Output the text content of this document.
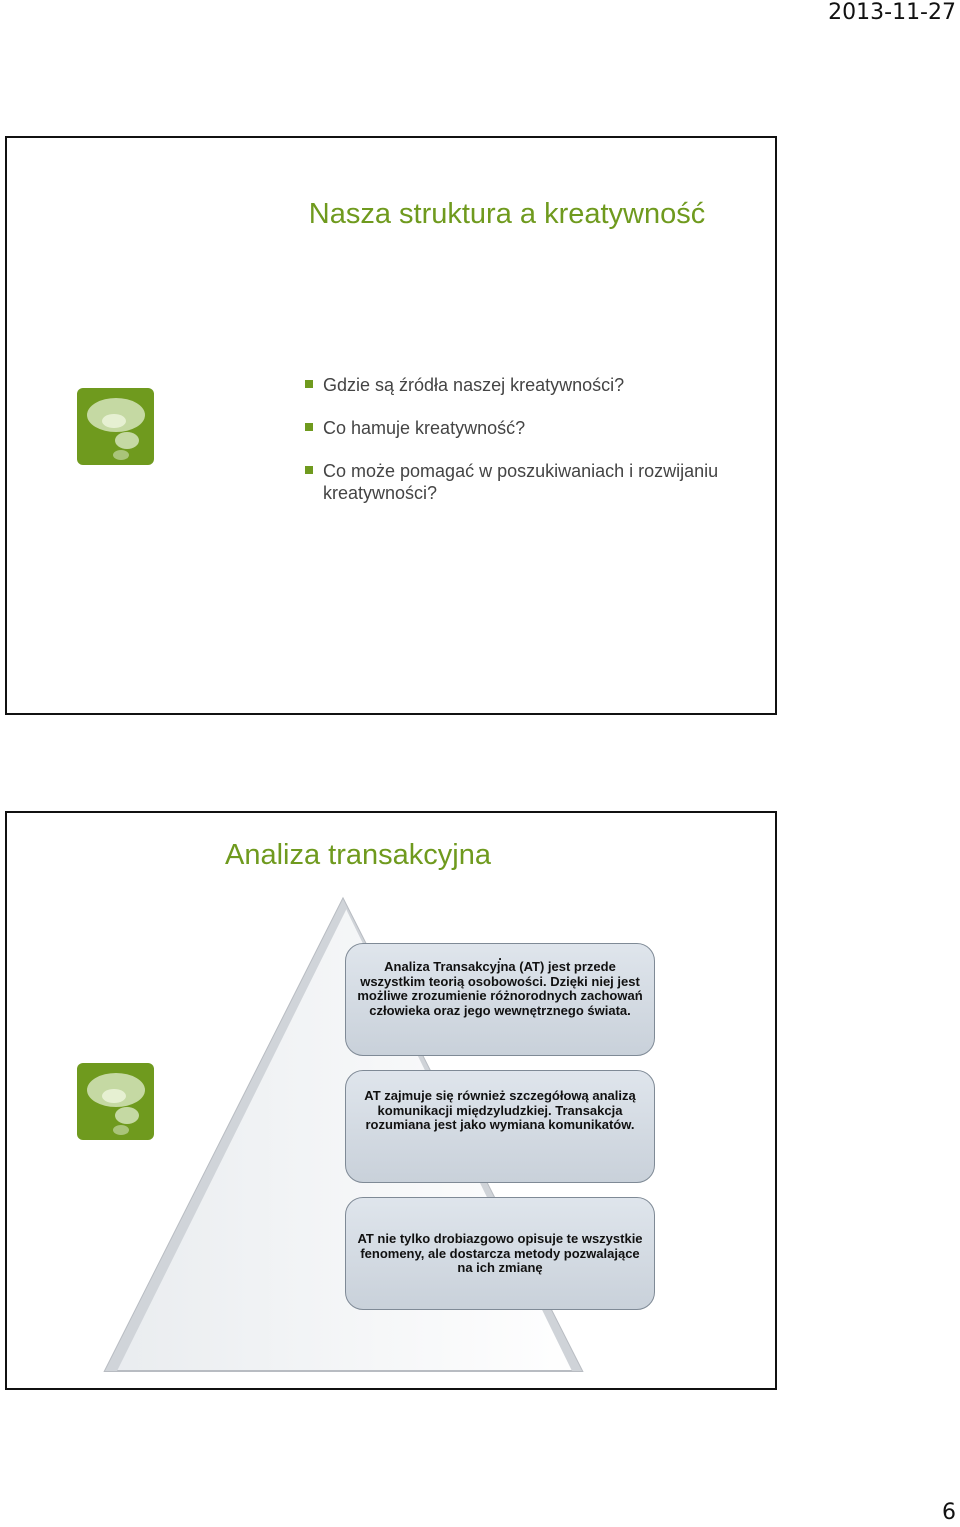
2013-11-27
Nasza struktura a kreatywność
Gdzie są źródła naszej kreatywności?
Co hamuje kreatywność?
Co może pomagać w poszukiwaniach i rozwijaniu kreatywności?
Analiza transakcyjna
.
Analiza Transakcyjna (AT) jest przede wszystkim teorią osobowości. Dzięki niej jest możliwe zrozumienie różnorodnych zachowań człowieka oraz jego wewnętrznego świata.
AT zajmuje się również szczegółową analizą komunikacji międzyludzkiej. Transakcja rozumiana jest jako wymiana komunikatów.
AT nie tylko drobiazgowo opisuje te wszystkie fenomeny, ale dostarcza metody pozwalające na ich zmianę
6
